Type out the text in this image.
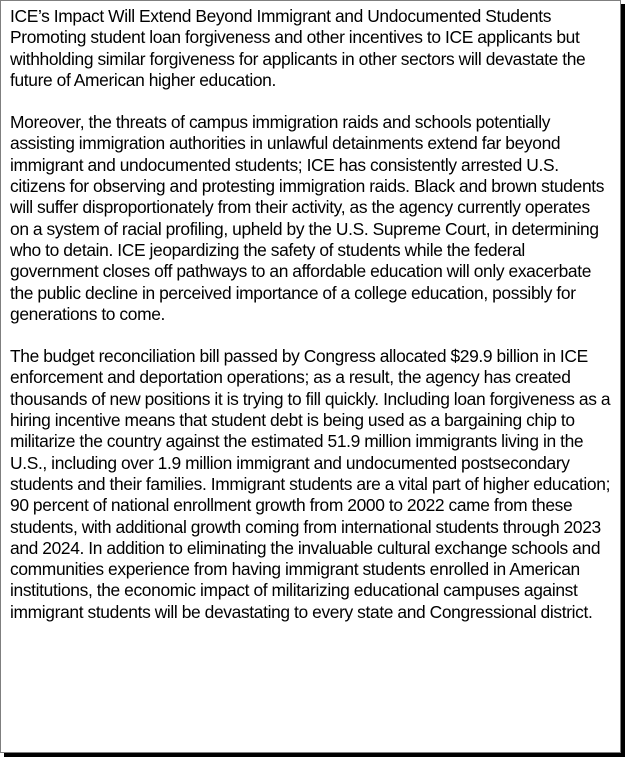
ICE’s Impact Will Extend Beyond Immigrant and Undocumented Students Promoting student loan forgiveness and other incentives to ICE applicants but withholding similar forgiveness for applicants in other sectors will devastate the future of American higher education.

Moreover, the threats of campus immigration raids and schools potentially assisting immigration authorities in unlawful detainments extend far beyond immigrant and undocumented students; ICE has consistently arrested U.S. citizens for observing and protesting immigration raids. Black and brown students will suffer disproportionately from their activity, as the agency currently operates on a system of racial profiling, upheld by the U.S. Supreme Court, in determining who to detain. ICE jeopardizing the safety of students while the federal government closes off pathways to an affordable education will only exacerbate the public decline in perceived importance of a college education, possibly for generations to come.

The budget reconciliation bill passed by Congress allocated $29.9 billion in ICE enforcement and deportation operations; as a result, the agency has created thousands of new positions it is trying to fill quickly. Including loan forgiveness as a hiring incentive means that student debt is being used as a bargaining chip to militarize the country against the estimated 51.9 million immigrants living in the U.S., including over 1.9 million immigrant and undocumented postsecondary students and their families. Immigrant students are a vital part of higher education; 90 percent of national enrollment growth from 2000 to 2022 came from these students, with additional growth coming from international students through 2023 and 2024. In addition to eliminating the invaluable cultural exchange schools and communities experience from having immigrant students enrolled in American institutions, the economic impact of militarizing educational campuses against immigrant students will be devastating to every state and Congressional district.
